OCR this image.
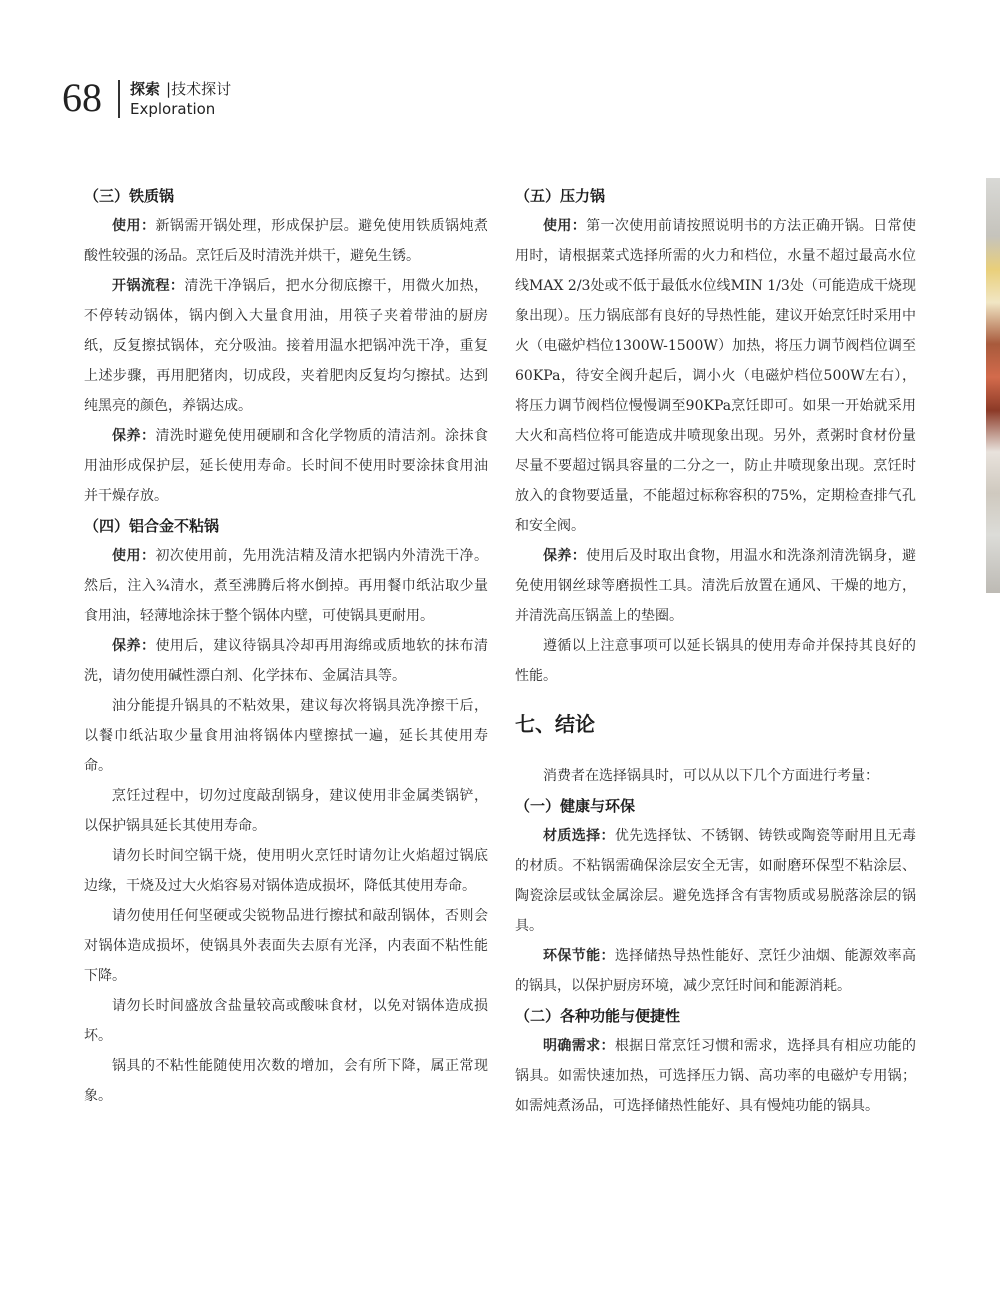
68 探索 |技术探讨
Exploration
（三）铁质锅

使用：新锅需开锅处理，形成保护层。避免使用铁质锅炖煮酸性较强的汤品。烹饪后及时清洗并烘干，避免生锈。

开锅流程：清洗干净锅后，把水分彻底擦干，用微火加热，不停转动锅体，锅内倒入大量食用油，用筷子夹着带油的厨房纸，反复擦拭锅体，充分吸油。接着用温水把锅冲洗干净，重复上述步骤，再用肥猪肉，切成段，夹着肥肉反复均匀擦拭。达到纯黑亮的颜色，养锅达成。

保养：清洗时避免使用硬刷和含化学物质的清洁剂。涂抹食用油形成保护层，延长使用寿命。长时间不使用时要涂抹食用油并干燥存放。

（四）铝合金不粘锅

使用：初次使用前，先用洗洁精及清水把锅内外清洗干净。然后，注入¾清水，煮至沸腾后将水倒掉。再用餐巾纸沾取少量食用油，轻薄地涂抹于整个锅体内壁，可使锅具更耐用。

保养：使用后，建议待锅具冷却再用海绵或质地软的抹布清洗，请勿使用碱性漂白剂、化学抹布、金属洁具等。

油分能提升锅具的不粘效果，建议每次将锅具洗净擦干后，以餐巾纸沾取少量食用油将锅体内壁擦拭一遍，延长其使用寿命。

烹饪过程中，切勿过度敲刮锅身，建议使用非金属类锅铲，以保护锅具延长其使用寿命。

请勿长时间空锅干烧，使用明火烹饪时请勿让火焰超过锅底边缘，干烧及过大火焰容易对锅体造成损坏，降低其使用寿命。

请勿使用任何坚硬或尖锐物品进行擦拭和敲刮锅体，否则会对锅体造成损坏，使锅具外表面失去原有光泽，内表面不粘性能下降。

请勿长时间盛放含盐量较高或酸味食材，以免对锅体造成损坏。

锅具的不粘性能随使用次数的增加，会有所下降，属正常现象。

（五）压力锅

使用：第一次使用前请按照说明书的方法正确开锅。日常使用时，请根据菜式选择所需的火力和档位，水量不超过最高水位线MAX 2/3处或不低于最低水位线MIN 1/3处（可能造成干烧现象出现）。压力锅底部有良好的导热性能，建议开始烹饪时采用中火（电磁炉档位1300W-1500W）加热，将压力调节阀档位调至60KPa，待安全阀升起后，调小火（电磁炉档位500W左右），将压力调节阀档位慢慢调至90KPa烹饪即可。如果一开始就采用大火和高档位将可能造成井喷现象出现。另外，煮粥时食材份量尽量不要超过锅具容量的二分之一，防止井喷现象出现。烹饪时放入的食物要适量，不能超过标称容积的75%，定期检查排气孔和安全阀。

保养：使用后及时取出食物，用温水和洗涤剂清洗锅身，避免使用钢丝球等磨损性工具。清洗后放置在通风、干燥的地方，并清洗高压锅盖上的垫圈。

遵循以上注意事项可以延长锅具的使用寿命并保持其良好的性能。

七、结论

消费者在选择锅具时，可以从以下几个方面进行考量：

（一）健康与环保

材质选择：优先选择钛、不锈钢、铸铁或陶瓷等耐用且无毒的材质。不粘锅需确保涂层安全无害，如耐磨环保型不粘涂层、陶瓷涂层或钛金属涂层。避免选择含有害物质或易脱落涂层的锅具。

环保节能：选择储热导热性能好、烹饪少油烟、能源效率高的锅具，以保护厨房环境，减少烹饪时间和能源消耗。

（二）各种功能与便捷性

明确需求：根据日常烹饪习惯和需求，选择具有相应功能的锅具。如需快速加热，可选择压力锅、高功率的电磁炉专用锅；如需炖煮汤品，可选择储热性能好、具有慢炖功能的锅具。
